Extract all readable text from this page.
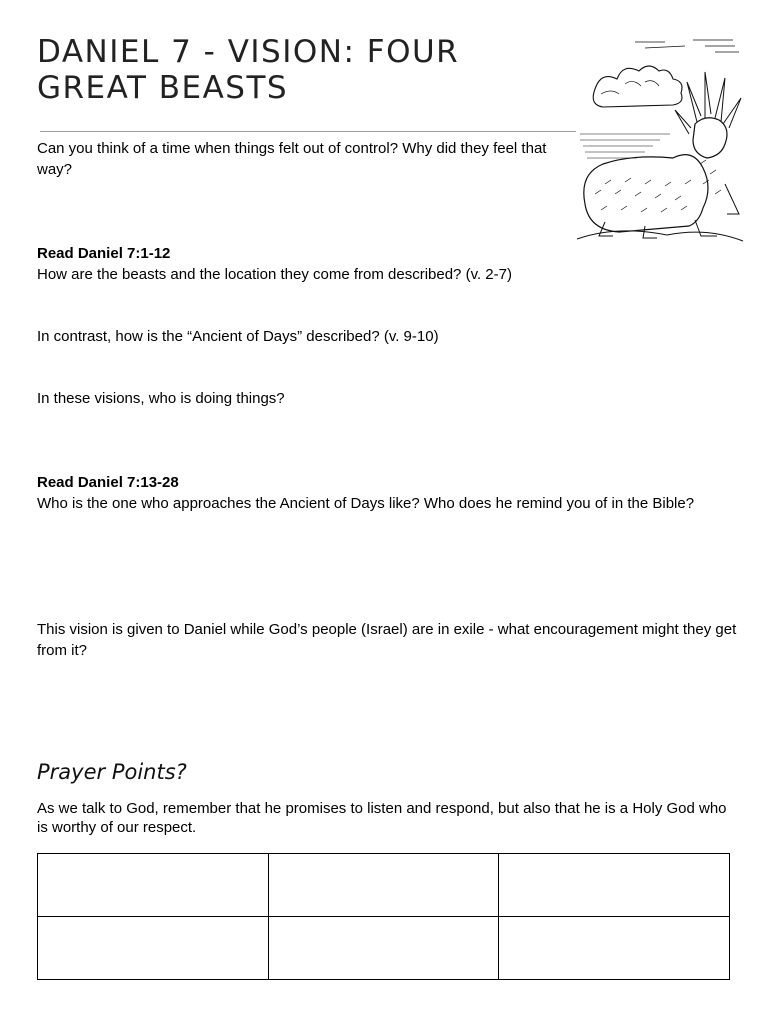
DANIEL 7 - VISION: FOUR
GREAT BEASTS

Can you think of a time when things felt out of control? Why did they feel that way?

Read Daniel 7:1-12
How are the beasts and the location they come from described? (v. 2-7)

In contrast, how is the “Ancient of Days” described? (v. 9-10)

In these visions, who is doing things?

Read Daniel 7:13-28
Who is the one who approaches the Ancient of Days like? Who does he remind you of in the Bible?

This vision is given to Daniel while God’s people (Israel) are in exile - what encouragement might they get from it?

Prayer Points?

As we talk to God, remember that he promises to listen and respond, but also that he is a Holy God who is worthy of our respect.
